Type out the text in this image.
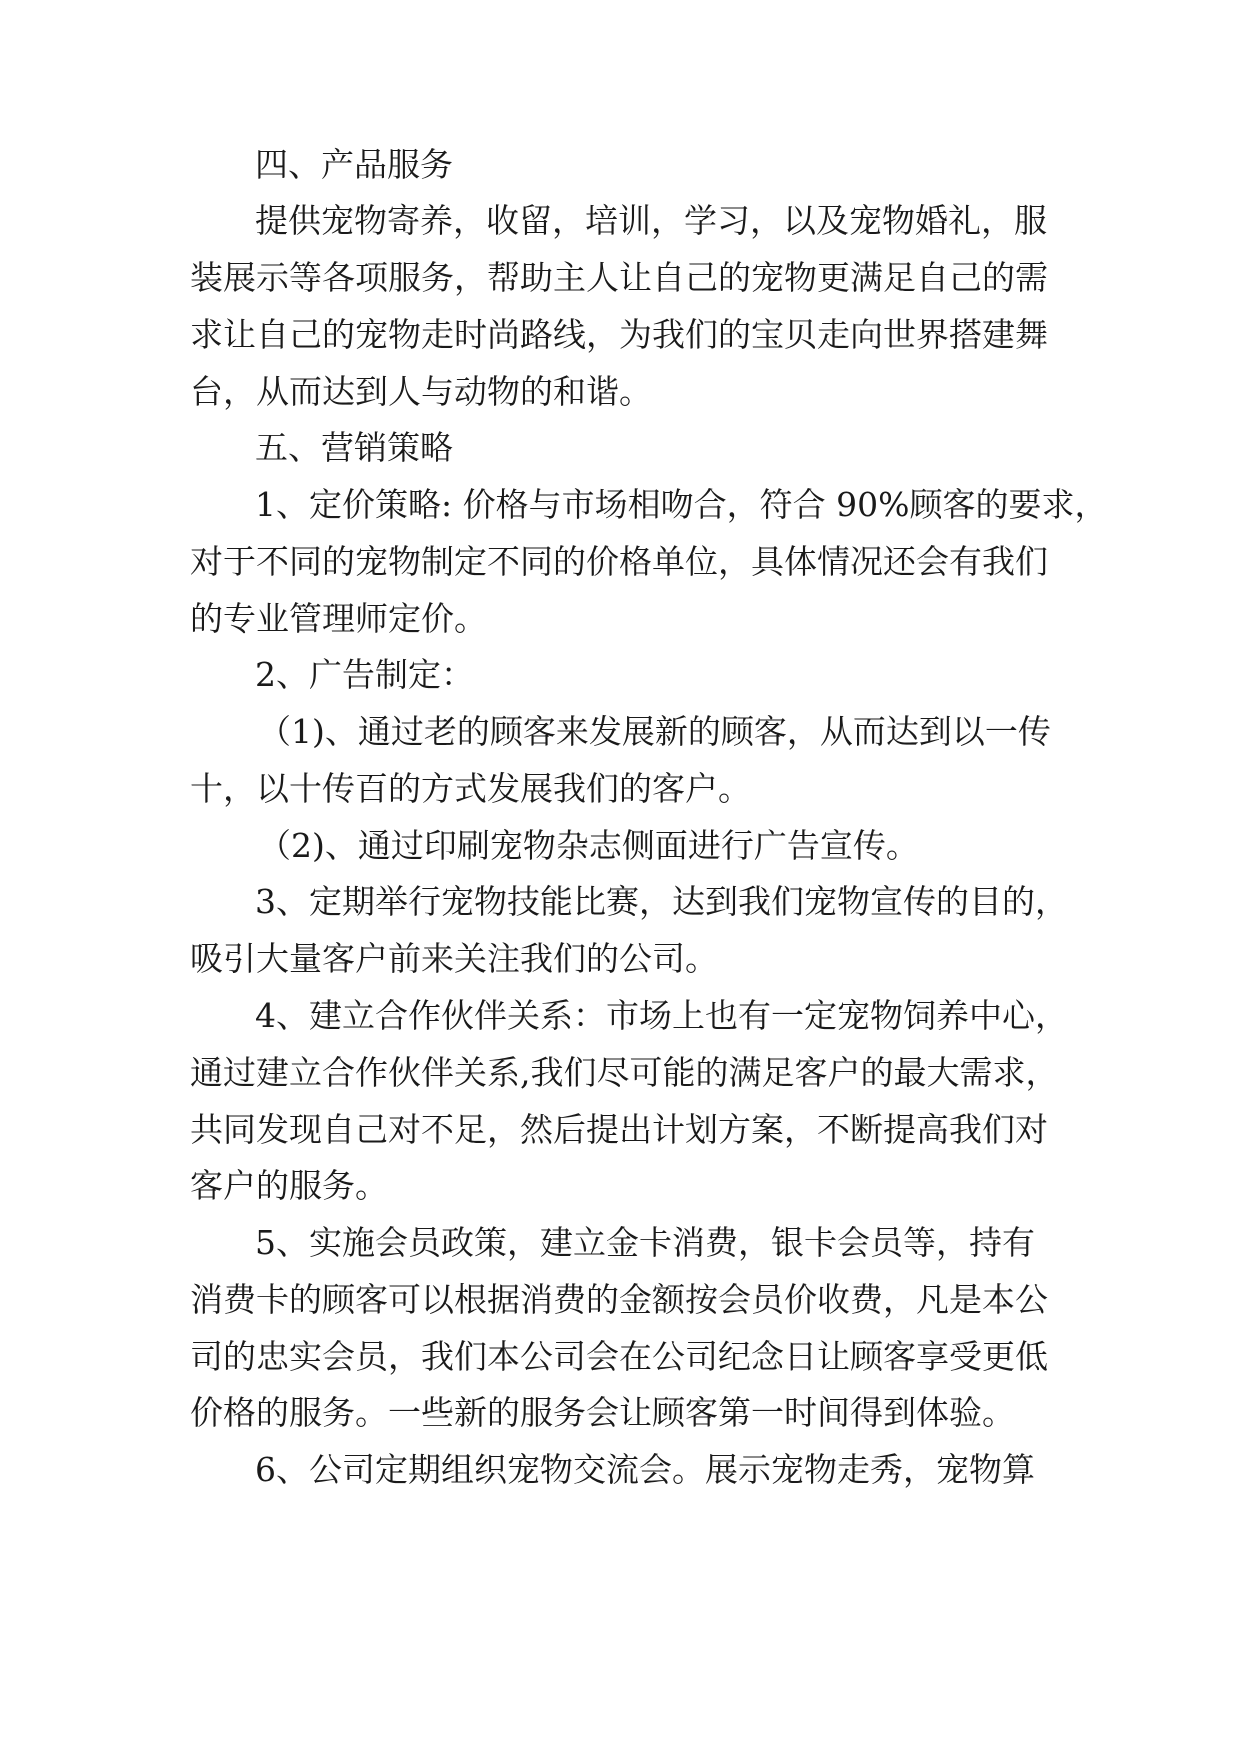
四、产品服务

提供宠物寄养，收留，培训，学习，以及宠物婚礼，服

装展示等各项服务，帮助主人让自己的宠物更满足自己的需

求让自己的宠物走时尚路线，为我们的宝贝走向世界搭建舞

台，从而达到人与动物的和谐。

五、营销策略

1、定价策略: 价格与市场相吻合，符合 90%顾客的要求，

对于不同的宠物制定不同的价格单位，具体情况还会有我们

的专业管理师定价。

2、广告制定：

（1)、通过老的顾客来发展新的顾客，从而达到以一传

十，以十传百的方式发展我们的客户。

（2)、通过印刷宠物杂志侧面进行广告宣传。

3、定期举行宠物技能比赛，达到我们宠物宣传的目的，

吸引大量客户前来关注我们的公司。

4、建立合作伙伴关系：市场上也有一定宠物饲养中心，

通过建立合作伙伴关系,我们尽可能的满足客户的最大需求，

共同发现自己对不足，然后提出计划方案，不断提高我们对

客户的服务。

5、实施会员政策，建立金卡消费，银卡会员等，持有

消费卡的顾客可以根据消费的金额按会员价收费，凡是本公

司的忠实会员，我们本公司会在公司纪念日让顾客享受更低

价格的服务。一些新的服务会让顾客第一时间得到体验。

6、公司定期组织宠物交流会。展示宠物走秀，宠物算
